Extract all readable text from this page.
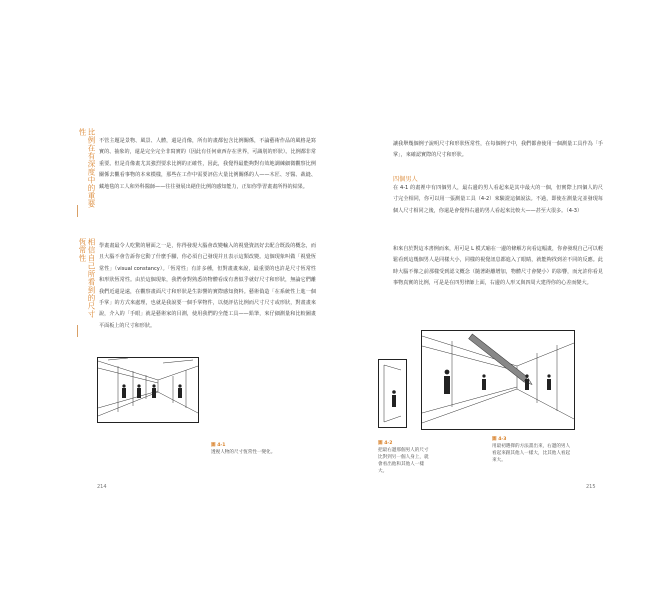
比例在有深度中的重要性
相信自己所看到的尺寸恆常性
不管主題是景物、風景、人體，還是肖像，所有的畫都包含比例關係，不論藝術作品的風格是寫實的、抽象的，還是完全完全非寫實的（因此有任何東西存在世界，可識別的形狀）。比例都非常重要。但是肖像畫尤其強烈要求比例的正確性，因此，我覺得最能夠對有效地調練細微觀察比例關係去觀看事物的本來模樣，那些在工作中需要評估大量比例關係的人——木匠、牙醫、裁縫、藏地毯的工人和外科醫師——往往發展出絕佳比例的感知能力，正如你學習畫畫所得的結果。
學畫畫最令人吃驚的層面之一是，你得發現大腦會改變輸入的視覺資訊好去配合既設的概念，而且大腦不會告訴你它動了什麼手腳，你必須自己發現并且表示這類改變。這個現象叫做「視覺恆常性」（visual constancy）。「恆常性」有許多種，但對畫畫來說，最重要的也許是尺寸恆常性和形狀恆常性。由於這個現象，我們會對熟悉的物體看成有著似乎就好尺寸和形狀，無論它們離我們近還是遠，在觀察畫面尺寸和形狀是生影響的實際感知資料。藝術偽造「在系統性上進一個手掌」的方式來處理，也就是我說要一個手掌物件，以便評估比例而尺寸尺寸或形狀，對畫畫來說，介入的「手眼」就是藝術家的目測，使用我們的全能工具——鉛筆，來仔細測量和比較圖畫平面板上的尺寸和形狀。
圖 4-1
透視人物的尺寸恆常性一變化。
214
讓我舉幾個例子說明尺寸和形狀恆常性，在每個例子中，我們都會使用一個測量工具作為「手掌」，來確認實際的尺寸和形狀。
四個男人
在 4-1 的畫裡中有四個男人，最右邊的男人看起來是其中最大的一個，但實際上四個人的尺寸完全相同，你可以用一張測量工具（4-2）來驗證這個說法。不過，即使在測量完並發現每個人尺寸相同之後，你還是會覺得右邊的男人看起來比較大——甚至大很多。（4-3）
和來自於對這本書例而來，用可是 L 模式喻在一邊的條解方向看這幅畫，你會發現自己可以輕鬆看到這幾個男人是同樣大小，同樣的視覺訊息都進入了眼睛，就能夠找到差不同的反應。此時大腦不像之前那樣受到認文概念（隨著距離增加，物體尺寸會變小）的影響，而允許你看見事物真實的比例，可是是在四男律師上面，右邊的人形又與四周大建得你的心差而變大。
圖 4-2
把最右邊那個男人的尺寸比對到另一個人身上，就會看出他和其他人一樣大。
圖 4-3
用最初選擇的方法畫出來，右邊的男人看起來跟其他人一樣大，比其他人看起來大。
215
